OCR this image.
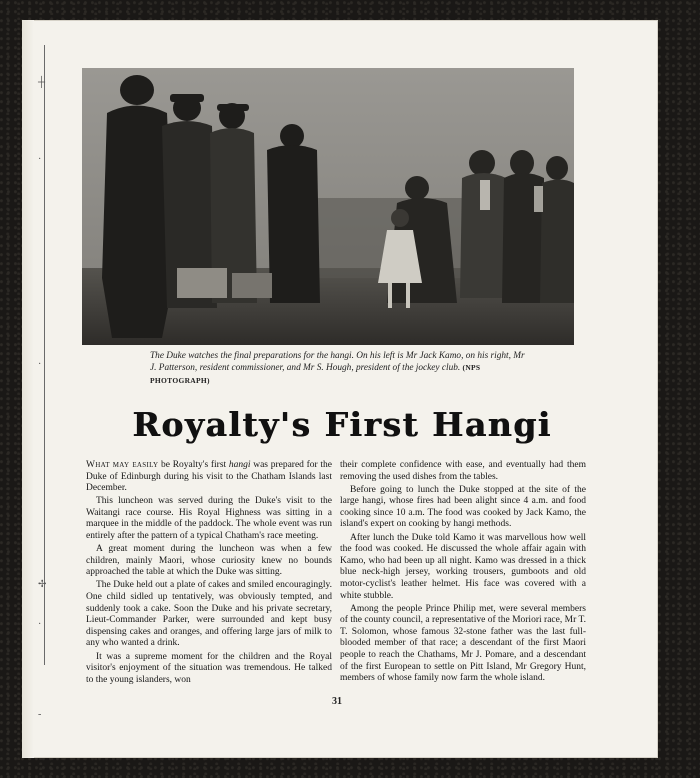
┼
·
·
✢
·
-
The Duke watches the final preparations for the hangi. On his left is Mr Jack Kamo, on his right, Mr J. Patterson, resident commissioner, and Mr S. Hough, president of the jockey club. (NPS PHOTOGRAPH)
Royalty's First Hangi

What may easily be Royalty's first hangi was prepared for the Duke of Edinburgh during his visit to the Chatham Islands last December.

This luncheon was served during the Duke's visit to the Waitangi race course. His Royal Highness was sitting in a marquee in the middle of the paddock. The whole event was run entirely after the pattern of a typical Chatham's race meeting.

A great moment during the luncheon was when a few children, mainly Maori, whose curiosity knew no bounds approached the table at which the Duke was sitting.

The Duke held out a plate of cakes and smiled encouragingly. One child sidled up tentatively, was obviously tempted, and suddenly took a cake. Soon the Duke and his private secretary, Lieut-Commander Parker, were surrounded and kept busy dispensing cakes and oranges, and offering large jars of milk to any who wanted a drink.

It was a supreme moment for the children and the Royal visitor's enjoyment of the situation was tremendous. He talked to the young islanders, won

their complete confidence with ease, and eventually had them removing the used dishes from the tables.

Before going to lunch the Duke stopped at the site of the large hangi, whose fires had been alight since 4 a.m. and food cooking since 10 a.m. The food was cooked by Jack Kamo, the island's expert on cooking by hangi methods.

After lunch the Duke told Kamo it was marvellous how well the food was cooked. He discussed the whole affair again with Kamo, who had been up all night. Kamo was dressed in a thick blue neck-high jersey, working trousers, gumboots and old motor-cyclist's leather helmet. His face was covered with a white stubble.

Among the people Prince Philip met, were several members of the county council, a representative of the Moriori race, Mr T. T. Solomon, whose famous 32-stone father was the last full-blooded member of that race; a descendant of the first Maori people to reach the Chathams, Mr J. Pomare, and a descendant of the first European to settle on Pitt Island, Mr Gregory Hunt, members of whose family now farm the whole island.

31
